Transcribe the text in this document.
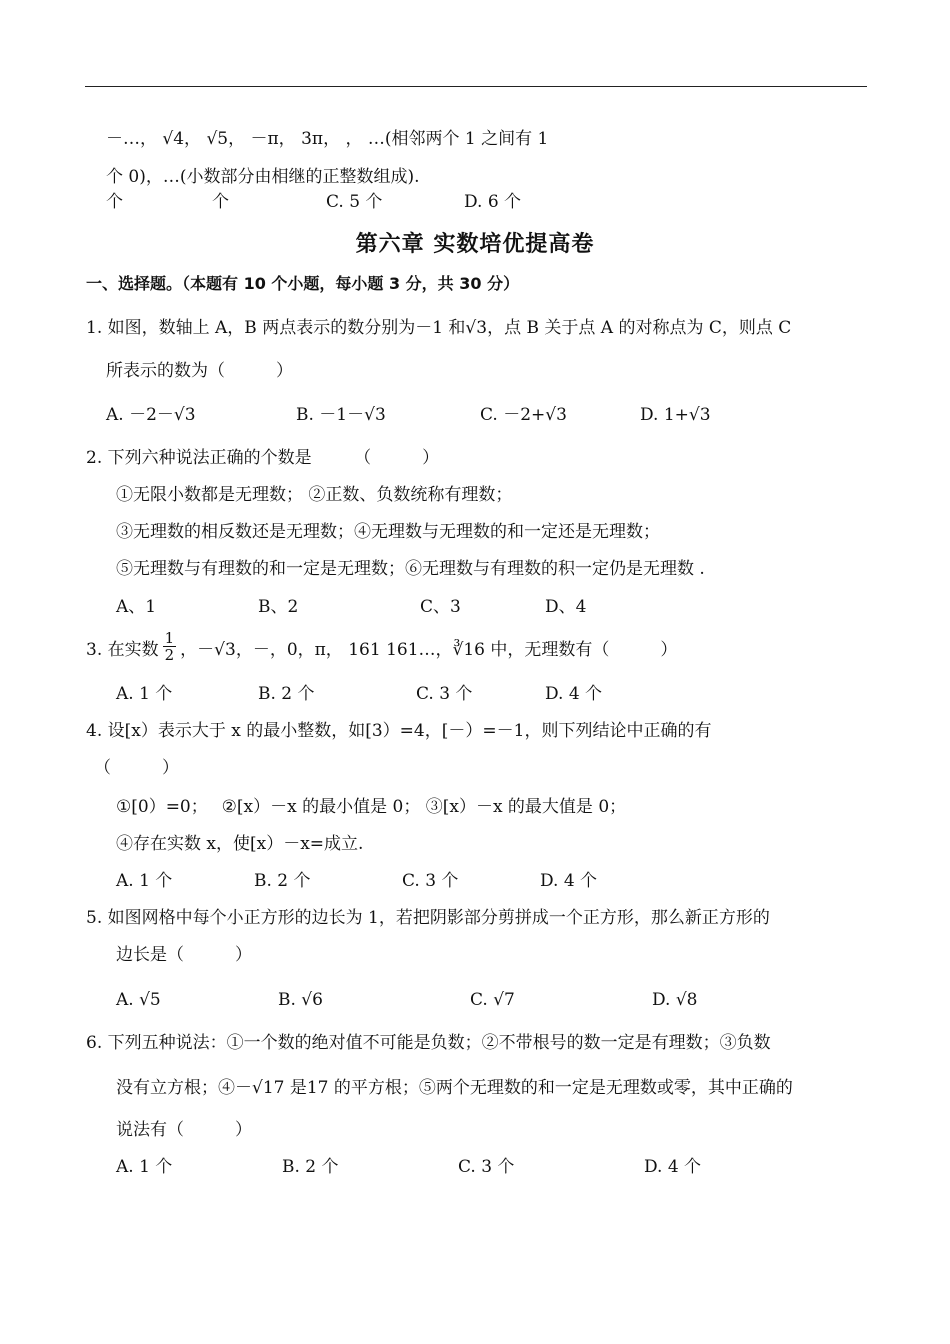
－…， √4， √5， －π， 3π， ， …(相邻两个 1 之间有 1
个 0)，…(小数部分由相继的正整数组成).
个	个	C. 5 个	D. 6 个
第六章 实数培优提高卷
一、选择题。（本题有 10 个小题，每小题 3 分，共 30 分）
1. 如图，数轴上 A，B 两点表示的数分别为－1 和√3，点 B 关于点 A 的对称点为 C，则点 C
所表示的数为（　　　）
A. －2－√3	B. －1－√3	C. －2+√3	D. 1+√3
2. 下列六种说法正确的个数是　　　（　　　）
①无限小数都是无理数； ②正数、负数统称有理数；
③无理数的相反数还是无理数；④无理数与无理数的和一定还是无理数；
⑤无理数与有理数的和一定是无理数；⑥无理数与有理数的积一定仍是无理数 .
A、1	B、2	C、3	D、4
3. 在实数 $\frac{1}{2}$ ，－√3，－，0，π， 161 161…，∛16 中，无理数有（　　　）
A. 1 个	B. 2 个	C. 3 个	D. 4 个
4. 设[x）表示大于 x 的最小整数，如[3）=4，[－）=－1，则下列结论中正确的有
（　　　）
①[0）=0；　 ②[x）－x 的最小值是 0； ③[x）－x 的最大值是 0；
④存在实数 x，使[x）－x=成立.
A. 1 个	B. 2 个	C. 3 个	D. 4 个
5. 如图网格中每个小正方形的边长为 1，若把阴影部分剪拼成一个正方形，那么新正方形的
边长是（　　　）
A. √5	B. √6	C. √7	D. √8
6. 下列五种说法：①一个数的绝对值不可能是负数；②不带根号的数一定是有理数；③负数
没有立方根；④－√17 是17 的平方根；⑤两个无理数的和一定是无理数或零，其中正确的
说法有（　　　）
A. 1 个	B. 2 个	C. 3 个	D. 4 个
